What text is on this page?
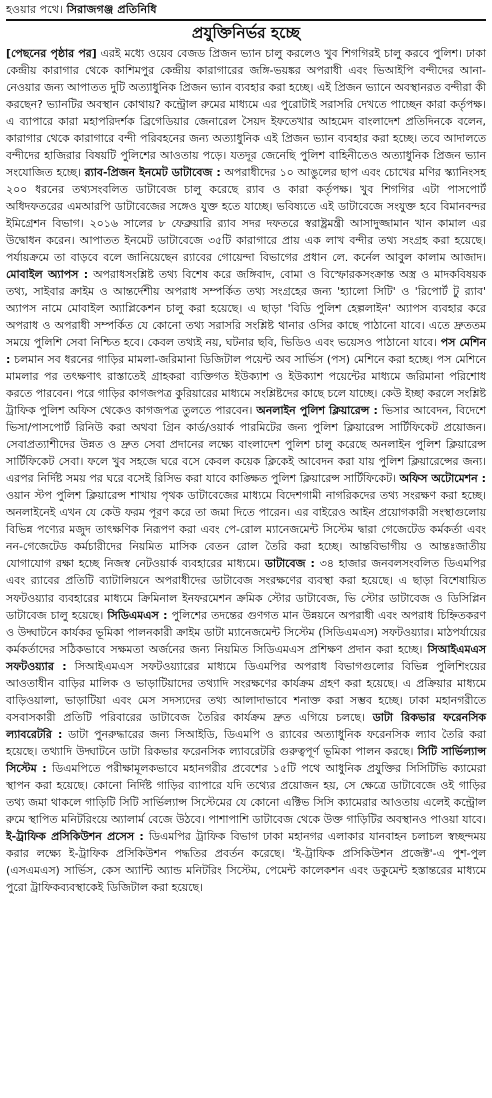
হওয়ার পথে। সিরাজগঞ্জ প্রতিনিধি
প্রযুক্তিনির্ভর হচ্ছে

[পেছনের পৃষ্ঠার পর] এরই মধ্যে ওয়েব বেজড প্রিজন ভ্যান চালু করলেও খুব শিগগিরই চালু করবে পুলিশ। ঢাকা কেন্দ্রীয় কারাগার থেকে কাশিমপুর কেন্দ্রীয় কারাগারের জঙ্গি-ভয়ঙ্কর অপরাধী এবং ভিআইপি বন্দীদের আনা-নেওয়ার জন্য আপাতত দুটি অত্যাধুনিক প্রিজন ভ্যান ব্যবহার করা হচ্ছে। এই প্রিজন ভ্যানে অবস্থানরত বন্দীরা কী করছেন? ভ্যানটির অবস্থান কোথায়? কন্ট্রোল রুমের মাধ্যমে এর পুরোটাই সরাসরি দেখতে পাচ্ছেন কারা কর্তৃপক্ষ। এ ব্যাপারে কারা মহাপরিদর্শক ব্রিগেডিয়ার জেনারেল সৈয়দ ইফতেখার আহমেদ বাংলাদেশ প্রতিদিনকে বলেন, কারাগার থেকে কারাগারে বন্দী পরিবহনের জন্য অত্যাধুনিক এই প্রিজন ভ্যান ব্যবহার করা হচ্ছে। তবে আদালতে বন্দীদের হাজিরার বিষয়টি পুলিশের আওতায় পড়ে। যতদূর জেনেছি পুলিশ বাহিনীতেও অত্যাধুনিক প্রিজন ভ্যান সংযোজিত হচ্ছে। র‌্যাব-প্রিজন ইনমেট ডাটাবেজ : অপরাধীদের ১০ আঙুলের ছাপ এবং চোখের মণির স্ক্যানিংসহ ২০০ ধরনের তথ্যসংবলিত ডাটাবেজ চালু করেছে র‌্যাব ও কারা কর্তৃপক্ষ। খুব শিগগির এটা পাসপোর্ট অধিদফতরের এমআরপি ডাটাবেজের সঙ্গেও যুক্ত হতে যাচ্ছে। ভবিষ্যতে এই ডাটাবেজে সংযুক্ত হবে বিমানবন্দর ইমিগ্রেশন বিভাগ। ২০১৬ সালের ৮ ফেব্রুয়ারি র‌্যাব সদর দফতরে স্বরাষ্ট্রমন্ত্রী আসাদুজ্জামান খান কামাল এর উদ্বোধন করেন। আপাতত ইনমেট ডাটাবেজে ৩৫টি কারাগারে প্রায় এক লাখ বন্দীর তথ্য সংগ্রহ করা হয়েছে। পর্যায়ক্রমে তা বাড়বে বলে জানিয়েছেন র‌্যাবের গোয়েন্দা বিভাগের প্রধান লে. কর্নেল আবুল কালাম আজাদ। মোবাইল অ্যাপস : অপরাধসংশ্লিষ্ট তথ্য বিশেষ করে জঙ্গিবাদ, বোমা ও বিস্ফোরকসংক্রান্ত অস্ত্র ও মাদকবিষয়ক তথ্য, সাইবার ক্রাইম ও আন্তর্দেশীয় অপরাধ সম্পর্কিত তথ্য সংগ্রহের জন্য 'হ্যালো সিটি' ও 'রিপোর্ট টু র‌্যাব' অ্যাপস নামে মোবাইল অ্যাপ্লিকেশন চালু করা হয়েছে। এ ছাড়া 'বিডি পুলিশ হেল্পলাইন' অ্যাপস ব্যবহার করে অপরাধ ও অপরাধী সম্পর্কিত যে কোনো তথ্য সরাসরি সংশ্লিষ্ট থানার ওসির কাছে পাঠানো যাবে। এতে দ্রুততম সময়ে পুলিশি সেবা নিশ্চিত হবে। কেবল তথ্যই নয়, ঘটনার ছবি, ভিডিও এবং ভয়েসও পাঠানো যাবে। পস মেশিন : চলমান সব ধরনের গাড়ির মামলা-জরিমানা ডিজিটাল পয়েন্ট অব সার্ভিস (পস) মেশিনে করা হচ্ছে। পস মেশিনে মামলার পর তৎক্ষণাৎ রাস্তাতেই গ্রাহকরা ব্যক্তিগত ইউক্যাশ ও ইউক্যাশ পয়েন্টের মাধ্যমে জরিমানা পরিশোধ করতে পারবেন। পরে গাড়ির কাগজপত্র কুরিয়ারের মাধ্যমে সংশ্লিষ্টদের কাছে চলে যাচ্ছে। কেউ ইচ্ছা করলে সংশ্লিষ্ট ট্রাফিক পুলিশ অফিস থেকেও কাগজপত্র তুলতে পারবেন। অনলাইন পুলিশ ক্লিয়ারেন্স : ভিসার আবেদন, বিদেশে ভিসা/পাসপোর্ট রিনিউ করা অথবা গ্রিন কার্ড/ওয়ার্ক পারমিটের জন্য পুলিশ ক্লিয়ারেন্স সার্টিফিকেট প্রয়োজন। সেবাপ্রত্যাশীদের উন্নত ও দ্রুত সেবা প্রদানের লক্ষ্যে বাংলাদেশ পুলিশ চালু করেছে অনলাইন পুলিশ ক্লিয়ারেন্স সার্টিফিকেট সেবা। ফলে খুব সহজে ঘরে বসে কেবল কয়েক ক্লিকেই আবেদন করা যায় পুলিশ ক্লিয়ারেন্সের জন্য। এরপর নির্দিষ্ট সময় পর ঘরে বসেই রিসিভ করা যাবে কাঙ্ক্ষিত পুলিশ ক্লিয়ারেন্স সার্টিফিকেট। অফিস অটোমেশন : ওয়ান স্টপ পুলিশ ক্লিয়ারেন্স শাখায় পৃথক ডাটাবেজের মাধ্যমে বিদেশগামী নাগরিকদের তথ্য সংরক্ষণ করা হচ্ছে। অনলাইনেই এখন যে কেউ ফরম পূরণ করে তা জমা দিতে পারেন। এর বাইরেও আইন প্রয়োগকারী সংস্থাগুলোয় বিভিন্ন পণ্যের মজুদ তাৎক্ষণিক নিরূপণ করা এবং পে-রোল ম্যানেজমেন্ট সিস্টেম দ্বারা গেজেটেড কর্মকর্তা এবং নন-গেজেটেড কর্মচারীদের নিয়মিত মাসিক বেতন রোল তৈরি করা হচ্ছে। আন্তবিভাগীয় ও আন্তঃজাতীয় যোগাযোগ রক্ষা হচ্ছে নিজস্ব নেটওয়ার্ক ব্যবহারের মাধ্যমে। ডাটাবেজ : ৩৪ হাজার জনবলসংবলিত ডিএমপির এবং র‌্যাবের প্রতিটি ব্যাটালিয়নে অপরাধীদের ডাটাবেজ সংরক্ষণের ব্যবস্থা করা হয়েছে। এ ছাড়া বিশেষায়িত সফটওয়্যার ব্যবহারের মাধ্যমে ক্রিমিনাল ইনফরমেশন ক্রমিক স্টোর ডাটাবেজ, ভি স্টোর ডাটাবেজ ও ডিসিপ্লিন ডাটাবেজ চালু হয়েছে। সিডিএমএস : পুলিশের তদন্তের গুণগত মান উন্নয়নে অপরাধী এবং অপরাধ চিহ্নিতকরণ ও উদ্ঘাটনে কার্যকর ভূমিকা পালনকারী ক্রাইম ডাটা ম্যানেজমেন্ট সিস্টেম (সিডিএমএস) সফটওয়্যার। মাঠপর্যায়ের কর্মকর্তাদের সঠিকভাবে সক্ষমতা অর্জনের জন্য নিয়মিত সিডিএমএস প্রশিক্ষণ প্রদান করা হচ্ছে। সিআইএমএস সফটওয়্যার : সিআইএমএস সফটওয়্যারের মাধ্যমে ডিএমপির অপরাধ বিভাগগুলোর বিভিন্ন পুলিশিংয়ের আওতাধীন বাড়ির মালিক ও ভাড়াটিয়াদের তথ্যাদি সংরক্ষণের কার্যক্রম গ্রহণ করা হয়েছে। এ প্রক্রিয়ার মাধ্যমে বাড়িওয়ালা, ভাড়াটিয়া এবং মেস সদস্যদের তথ্য আলাদাভাবে শনাক্ত করা সম্ভব হচ্ছে। ঢাকা মহানগরীতে বসবাসকারী প্রতিটি পরিবারের ডাটাবেজ তৈরির কার্যক্রম দ্রুত এগিয়ে চলছে। ডাটা রিকভার ফরেনসিক ল্যাবরেটরি : ডাটা পুনরুদ্ধারের জন্য সিআইডি, ডিএমপি ও র‌্যাবের অত্যাধুনিক ফরেনসিক ল্যাব তৈরি করা হয়েছে। তথ্যাদি উদ্ঘাটনে ডাটা রিকভার ফরেনসিক ল্যাবরেটরি গুরুত্বপূর্ণ ভূমিকা পালন করছে। সিটি সার্ভিল্যান্স সিস্টেম : ডিএমপিতে পরীক্ষামূলকভাবে মহানগরীর প্রবেশের ১৫টি পথে আধুনিক প্রযুক্তির সিসিটিভি ক্যামেরা স্থাপন করা হয়েছে। কোনো নির্দিষ্ট গাড়ির ব্যাপারে যদি তথ্যের প্রয়োজন হয়, সে ক্ষেত্রে ডাটাবেজে ওই গাড়ির তথ্য জমা থাকলে গাড়িটি সিটি সার্ভিল্যান্স সিস্টেমের যে কোনো এক্টিভ সিসি ক্যামেরার আওতায় এলেই কন্ট্রোল রুমে স্থাপিত মনিটরিংয়ে অ্যালার্ম বেজে উঠবে। পাশাপাশি ডাটাবেজ থেকে উক্ত গাড়িটির অবস্থানও পাওয়া যাবে। ই-ট্রাফিক প্রসিকিউশন প্রসেস : ডিএমপির ট্রাফিক বিভাগ ঢাকা মহানগর এলাকার যানবাহন চলাচল স্বচ্ছন্দময় করার লক্ষ্যে ই-ট্রাফিক প্রসিকিউশন পদ্ধতির প্রবর্তন করেছে। 'ই-ট্রাফিক প্রসিকিউশন প্রজেক্ট'-এ পুশ-পুল (এসএমএস) সার্ভিস, কেস অ্যান্টি অ্যান্ড মনিটরিং সিস্টেম, পেমেন্ট কালেকশন এবং ডকুমেন্ট হস্তান্তরের মাধ্যমে পুরো ট্রাফিকব্যবস্থাকেই ডিজিটাল করা হয়েছে।
